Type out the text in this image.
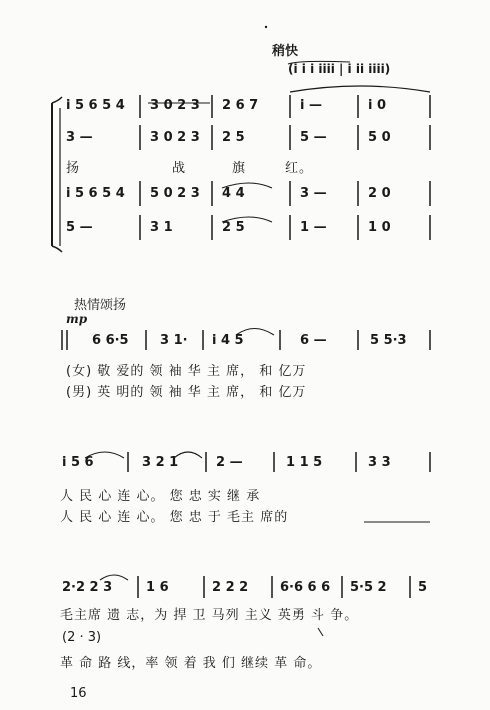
稍快
(i i i iiii | i ii iiii)
i 5 6 5 4 3 0 2 3 2 6 7	i —	i 0
3 —	3 0 2 3 2 5	5 —	5 0
扬	战	旗	红。
i 5 6 5 4 5 0 2 3 4 4	3 —	2 0
5 —	3 1	2 5	1 —	1 0
热情颂扬
mp
6 6·5 3 1· i 4 5	6 —	5 5·3
(女) 敬 爱的 领 袖 华 主 席， 和 亿万
(男) 英 明的 领 袖 华 主 席， 和 亿万
i 5 6	3 2 1	2 —	1 1 5	3 3
人 民 心 连 心。 您 忠 实 继 承
人 民 心 连 心。 您 忠 于 毛主 席的
2·2 2 3	1 6	2 2 2 6·6 6 6 5·5 2 5
毛主席 遗 志，为 捍 卫 马列 主义 英勇 斗 争。
(2 · 3)
革 命 路 线，率 领 着 我 们 继续 革 命。
16
